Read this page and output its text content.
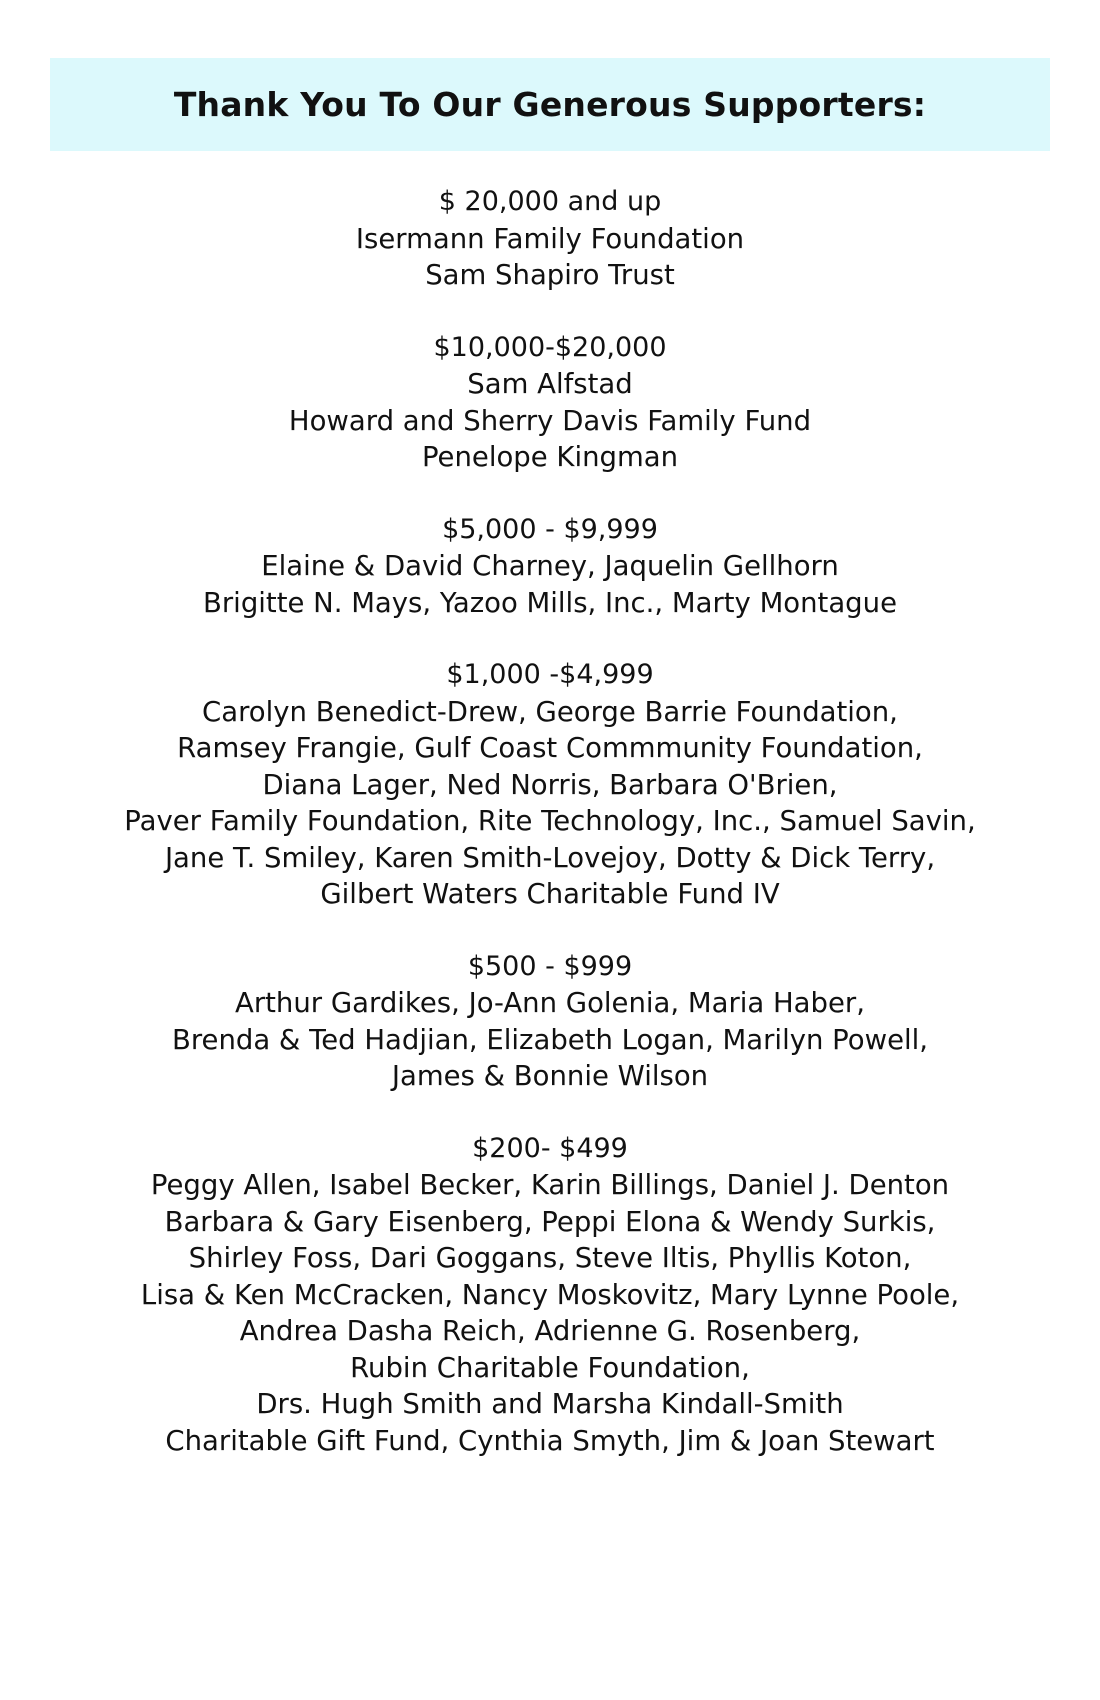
Thank You To Our Generous Supporters:
$ 20,000 and up
Isermann Family Foundation
Sam Shapiro Trust
$10,000-$20,000
Sam Alfstad
Howard and Sherry Davis Family Fund
Penelope Kingman
$5,000 - $9,999
Elaine & David Charney, Jaquelin Gellhorn
Brigitte N. Mays, Yazoo Mills, Inc., Marty Montague
$1,000 -$4,999
Carolyn Benedict-Drew, George Barrie Foundation,
Ramsey Frangie, Gulf Coast Commmunity Foundation,
Diana Lager, Ned Norris, Barbara O'Brien,
Paver Family Foundation, Rite Technology, Inc., Samuel Savin,
Jane T. Smiley, Karen Smith-Lovejoy, Dotty & Dick Terry,
Gilbert Waters Charitable Fund IV
$500 - $999
Arthur Gardikes, Jo-Ann Golenia, Maria Haber,
Brenda & Ted Hadjian, Elizabeth Logan, Marilyn Powell,
James & Bonnie Wilson
$200- $499
Peggy Allen, Isabel Becker, Karin Billings, Daniel J. Denton
Barbara & Gary Eisenberg, Peppi Elona & Wendy Surkis,
Shirley Foss, Dari Goggans, Steve Iltis, Phyllis Koton,
Lisa & Ken McCracken, Nancy Moskovitz, Mary Lynne Poole,
Andrea Dasha Reich, Adrienne G. Rosenberg,
Rubin Charitable Foundation,
Drs. Hugh Smith and Marsha Kindall-Smith
Charitable Gift Fund, Cynthia Smyth, Jim & Joan Stewart
